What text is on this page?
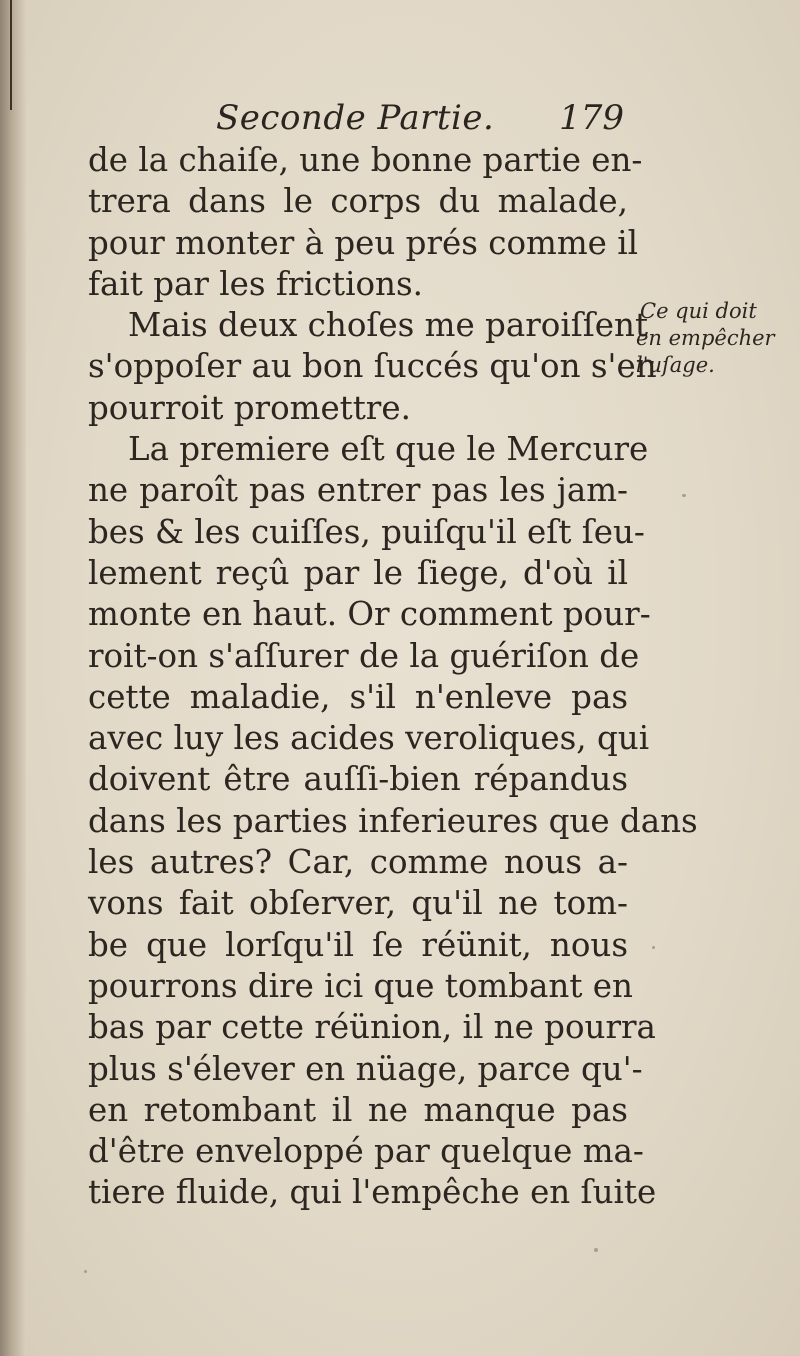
Seconde Partie. 179
de la chaiſe, une bonne partie en-
trera dans le corps du malade,
pour monter à peu prés comme il
fait par les frictions.
Mais deux choſes me paroiſſent
s'oppoſer au bon ſuccés qu'on s'en
pourroit promettre.
La premiere eſt que le Mercure
ne paroît pas entrer pas les jam-
bes & les cuiſſes, puiſqu'il eſt ſeu-
lement reçû par le ſiege, d'où il
monte en haut. Or comment pour-
roit-on s'aſſurer de la guériſon de
cette maladie, s'il n'enleve pas
avec luy les acides veroliques, qui
doivent être auſſi-bien répandus
dans les parties inferieures que dans
les autres? Car, comme nous a-
vons fait obſerver, qu'il ne tom-
be que lorſqu'il ſe réünit, nous
pourrons dire ici que tombant en
bas par cette réünion, il ne pourra
plus s'élever en nüage, parce qu'-
en retombant il ne manque pas
d'être enveloppé par quelque ma-
tiere fluide, qui l'empêche en ſuite
Ce qui doit
en empêcher
l'uſage.
